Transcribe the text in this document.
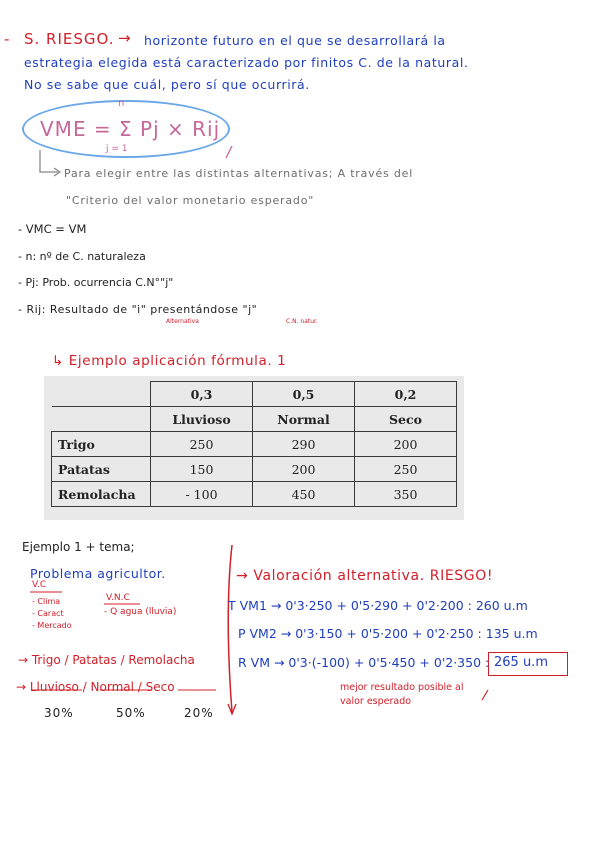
- S. RIESGO. → horizonte futuro en el que se desarrollará la
estrategia elegida está caracterizado por finitos C. de la natural.
No se sabe que cuál, pero sí que ocurrirá.
VME = Σ Pj × Rij
n
j = 1
Para elegir entre las distintas alternativas; A través del
"Criterio del valor monetario esperado"
- VMC = VM
- n: nº de C. naturaleza
- Pj: Prob. ocurrencia C.N°"j"
- Rij: Resultado de "i" presentándose "j"
Alternativa	C.N. natur.
↳ Ejemplo aplicación fórmula. 1
	0,3	0,5	0,2
	Lluvioso	Normal	Seco
Trigo	250	290	200
Patatas	150	200	250
Remolacha	- 100	450	350
Ejemplo 1 + tema;
Problema agricultor.
V.C
- Clima
- Caract
- Mercado
V.N.C
- Q agua (lluvia)
→ Trigo / Patatas / Remolacha
→ Lluvioso / Normal / Seco
30%	50%	20%
→ Valoración alternativa. RIESGO!
T VM1 → 0'3·250 + 0'5·290 + 0'2·200 : 260 u.m
P VM2 → 0'3·150 + 0'5·200 + 0'2·250 : 135 u.m
R VM → 0'3·(-100) + 0'5·450 + 0'2·350 : 265 u.m
mejor resultado posible al
valor esperado
